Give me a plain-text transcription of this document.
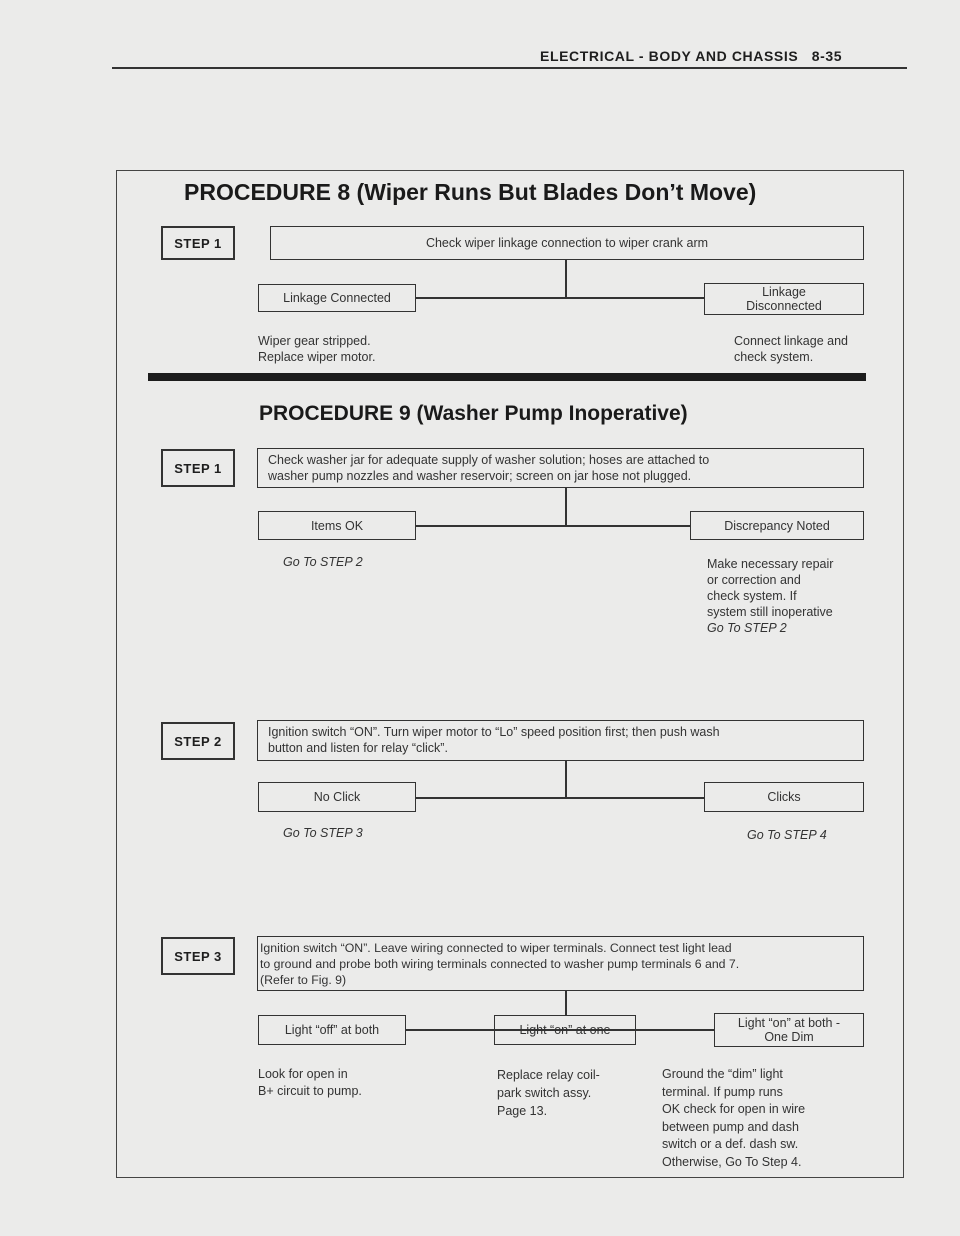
ELECTRICAL - BODY AND CHASSIS 8-35
PROCEDURE 8 (Wiper Runs But Blades Don’t Move)
STEP 1	Check wiper linkage connection to wiper crank arm
Linkage Connected	Linkage
Disconnected
Wiper gear stripped.
Replace wiper motor.
Connect linkage and
check system.
PROCEDURE 9 (Washer Pump Inoperative)
STEP 1
Check washer jar for adequate supply of washer solution; hoses are attached to
washer pump nozzles and washer reservoir; screen on jar hose not plugged.
Items OK	Discrepancy Noted
Go To STEP 2	Make necessary repair
or correction and
check system. If
system still inoperative
Go To STEP 2
STEP 2
Ignition switch “ON”. Turn wiper motor to “Lo” speed position first; then push wash
button and listen for relay “click”.
No Click	Clicks
Go To STEP 3	Go To STEP 4
STEP 3
Ignition switch “ON”. Leave wiring connected to wiper terminals. Connect test light lead
to ground and probe both wiring terminals connected to washer pump terminals 6 and 7.
(Refer to Fig. 9)
Light “off” at both	Light “on” at one	Light “on” at both -
One Dim
Look for open in
B+ circuit to pump.
Replace relay coil-
park switch assy.
Page 13.
Ground the “dim” light
terminal. If pump runs
OK check for open in wire
between pump and dash
switch or a def. dash sw.
Otherwise, Go To Step 4.
